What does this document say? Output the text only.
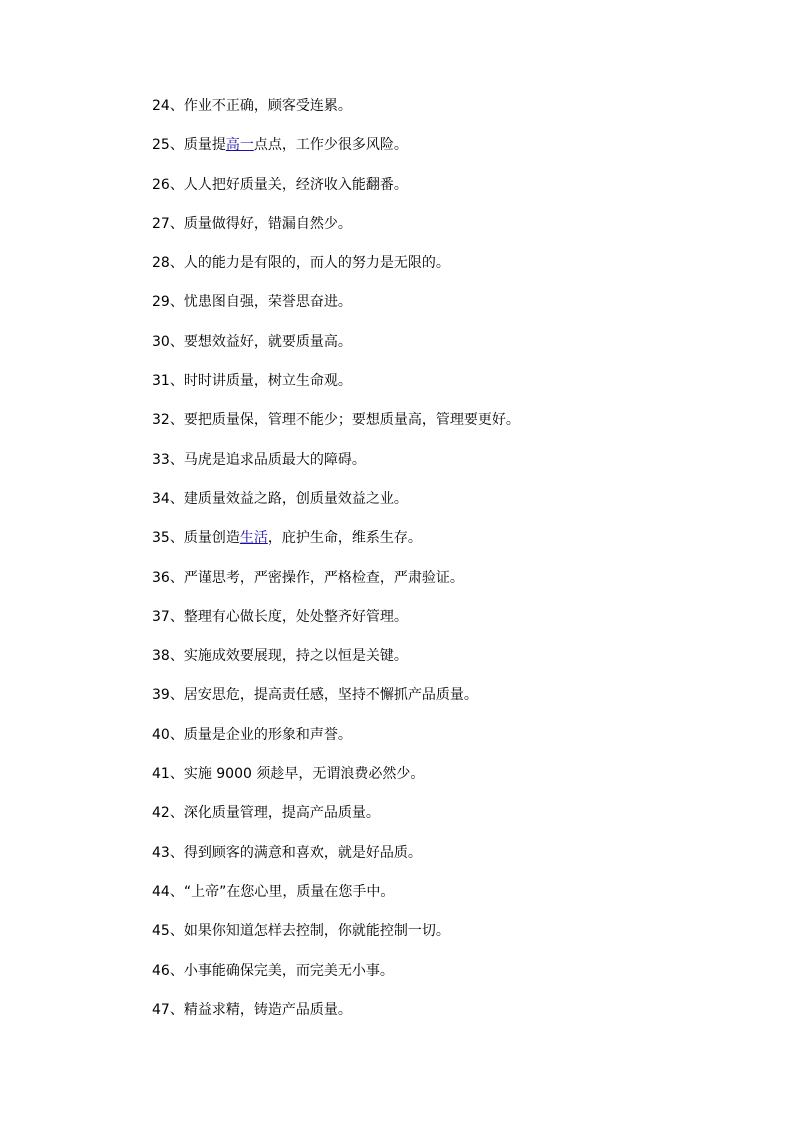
24、作业不正确，顾客受连累。
25、质量提高一点点，工作少很多风险。
26、人人把好质量关，经济收入能翻番。
27、质量做得好，错漏自然少。
28、人的能力是有限的，而人的努力是无限的。
29、忧患图自强，荣誉思奋进。
30、要想效益好，就要质量高。
31、时时讲质量，树立生命观。
32、要把质量保，管理不能少；要想质量高，管理要更好。
33、马虎是追求品质最大的障碍。
34、建质量效益之路，创质量效益之业。
35、质量创造生活，庇护生命，维系生存。
36、严谨思考，严密操作，严格检查，严肃验证。
37、整理有心做长度，处处整齐好管理。
38、实施成效要展现，持之以恒是关键。
39、居安思危，提高责任感，坚持不懈抓产品质量。
40、质量是企业的形象和声誉。
41、实施 9000 须趁早，无谓浪费必然少。
42、深化质量管理，提高产品质量。
43、得到顾客的满意和喜欢，就是好品质。
44、“上帝”在您心里，质量在您手中。
45、如果你知道怎样去控制，你就能控制一切。
46、小事能确保完美，而完美无小事。
47、精益求精，铸造产品质量。
